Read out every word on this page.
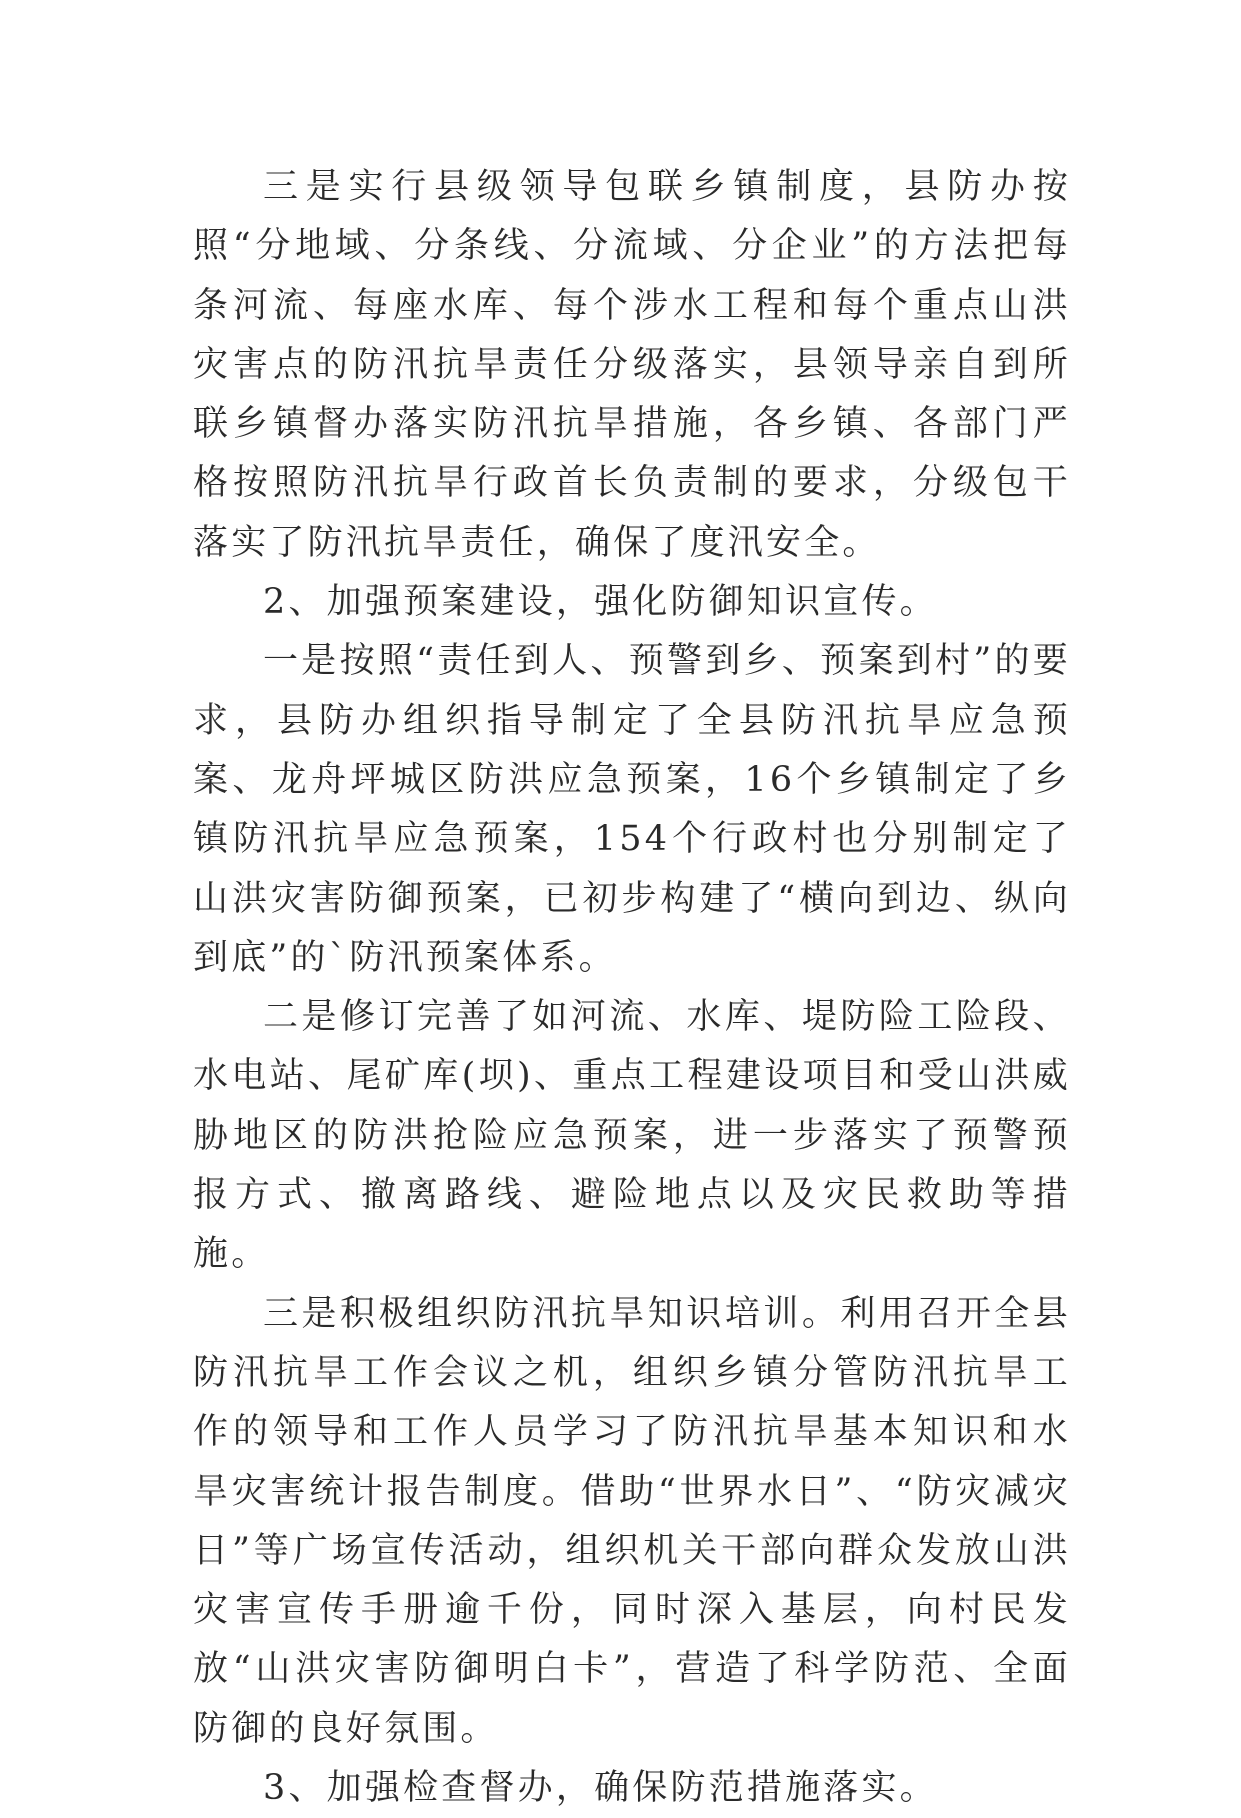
三是实行县级领导包联乡镇制度，县防办按照“分地域、分条线、分流域、分企业”的方法把每条河流、每座水库、每个涉水工程和每个重点山洪灾害点的防汛抗旱责任分级落实，县领导亲自到所联乡镇督办落实防汛抗旱措施，各乡镇、各部门严格按照防汛抗旱行政首长负责制的要求，分级包干落实了防汛抗旱责任，确保了度汛安全。

2、加强预案建设，强化防御知识宣传。

一是按照“责任到人、预警到乡、预案到村”的要求，县防办组织指导制定了全县防汛抗旱应急预案、龙舟坪城区防洪应急预案，16个乡镇制定了乡镇防汛抗旱应急预案，154个行政村也分别制定了山洪灾害防御预案，已初步构建了“横向到边、纵向到底”的`防汛预案体系。

二是修订完善了如河流、水库、堤防险工险段、水电站、尾矿库(坝)、重点工程建设项目和受山洪威胁地区的防洪抢险应急预案，进一步落实了预警预报方式、撤离路线、避险地点以及灾民救助等措施。

三是积极组织防汛抗旱知识培训。利用召开全县防汛抗旱工作会议之机，组织乡镇分管防汛抗旱工作的领导和工作人员学习了防汛抗旱基本知识和水旱灾害统计报告制度。借助“世界水日”、“防灾减灾日”等广场宣传活动，组织机关干部向群众发放山洪灾害宣传手册逾千份，同时深入基层，向村民发放“山洪灾害防御明白卡”，营造了科学防范、全面防御的良好氛围。

3、加强检查督办，确保防范措施落实。
